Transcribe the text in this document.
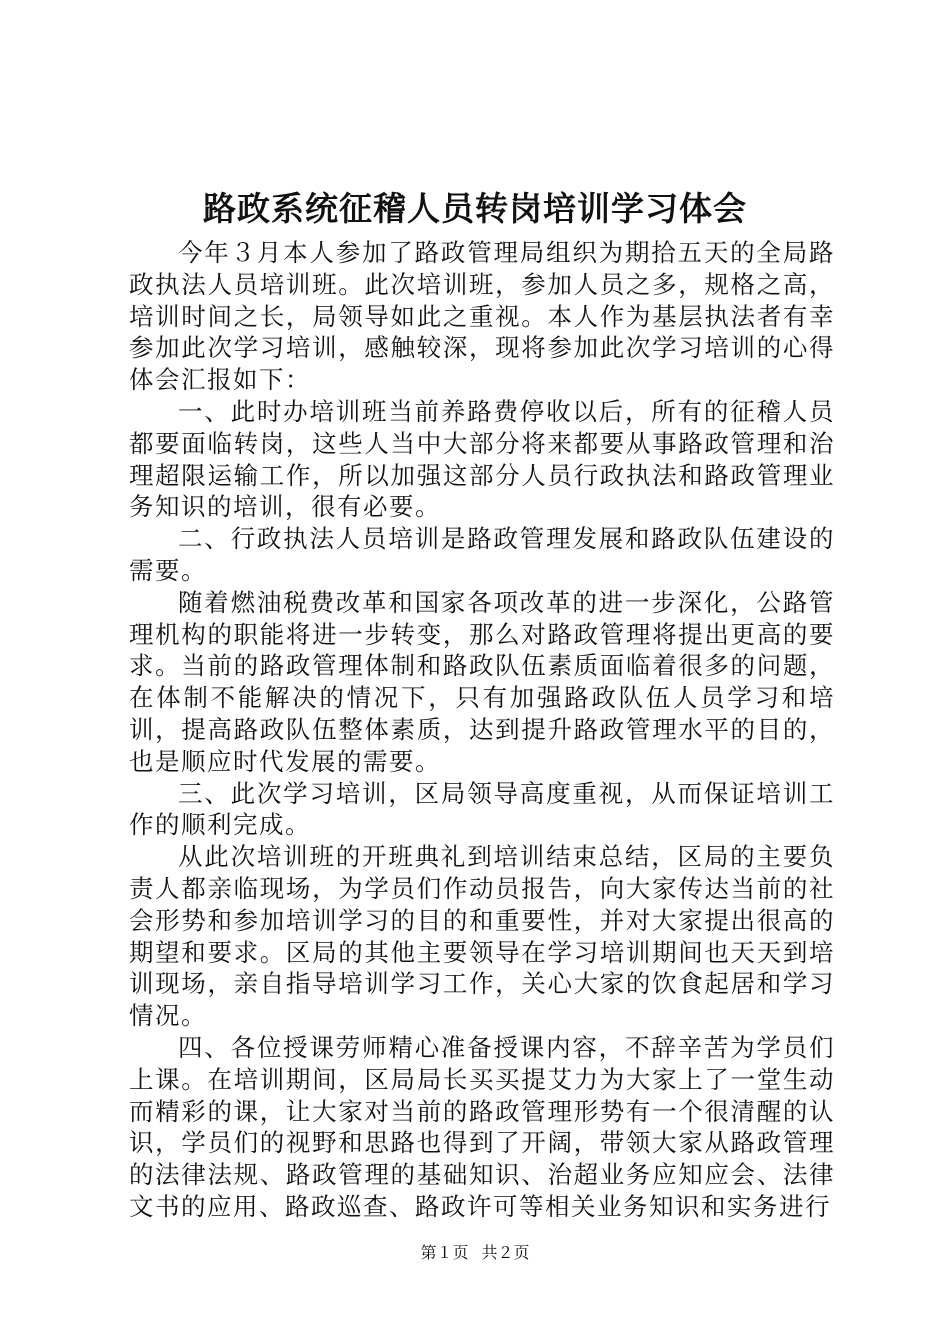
路政系统征稽人员转岗培训学习体会

今年３月本人参加了路政管理局组织为期拾五天的全局路政执法人员培训班。此次培训班，参加人员之多，规格之高，培训时间之长，局领导如此之重视。本人作为基层执法者有幸参加此次学习培训，感触较深，现将参加此次学习培训的心得体会汇报如下：

一、此时办培训班当前养路费停收以后，所有的征稽人员都要面临转岗，这些人当中大部分将来都要从事路政管理和治理超限运输工作，所以加强这部分人员行政执法和路政管理业务知识的培训，很有必要。

二、行政执法人员培训是路政管理发展和路政队伍建设的需要。

随着燃油税费改革和国家各项改革的进一步深化，公路管理机构的职能将进一步转变，那么对路政管理将提出更高的要求。当前的路政管理体制和路政队伍素质面临着很多的问题，在体制不能解决的情况下，只有加强路政队伍人员学习和培训，提高路政队伍整体素质，达到提升路政管理水平的目的，也是顺应时代发展的需要。

三、此次学习培训，区局领导高度重视，从而保证培训工作的顺利完成。

从此次培训班的开班典礼到培训结束总结，区局的主要负责人都亲临现场，为学员们作动员报告，向大家传达当前的社会形势和参加培训学习的目的和重要性，并对大家提出很高的期望和要求。区局的其他主要领导在学习培训期间也天天到培训现场，亲自指导培训学习工作，关心大家的饮食起居和学习情况。

四、各位授课劳师精心准备授课内容，不辞辛苦为学员们上课。在培训期间，区局局长买买提艾力为大家上了一堂生动而精彩的课，让大家对当前的路政管理形势有一个很清醒的认识，学员们的视野和思路也得到了开阔，带领大家从路政管理的法律法规、路政管理的基础知识、治超业务应知应会、法律文书的应用、路政巡查、路政许可等相关业务知识和实务进行

第１页 共２页
